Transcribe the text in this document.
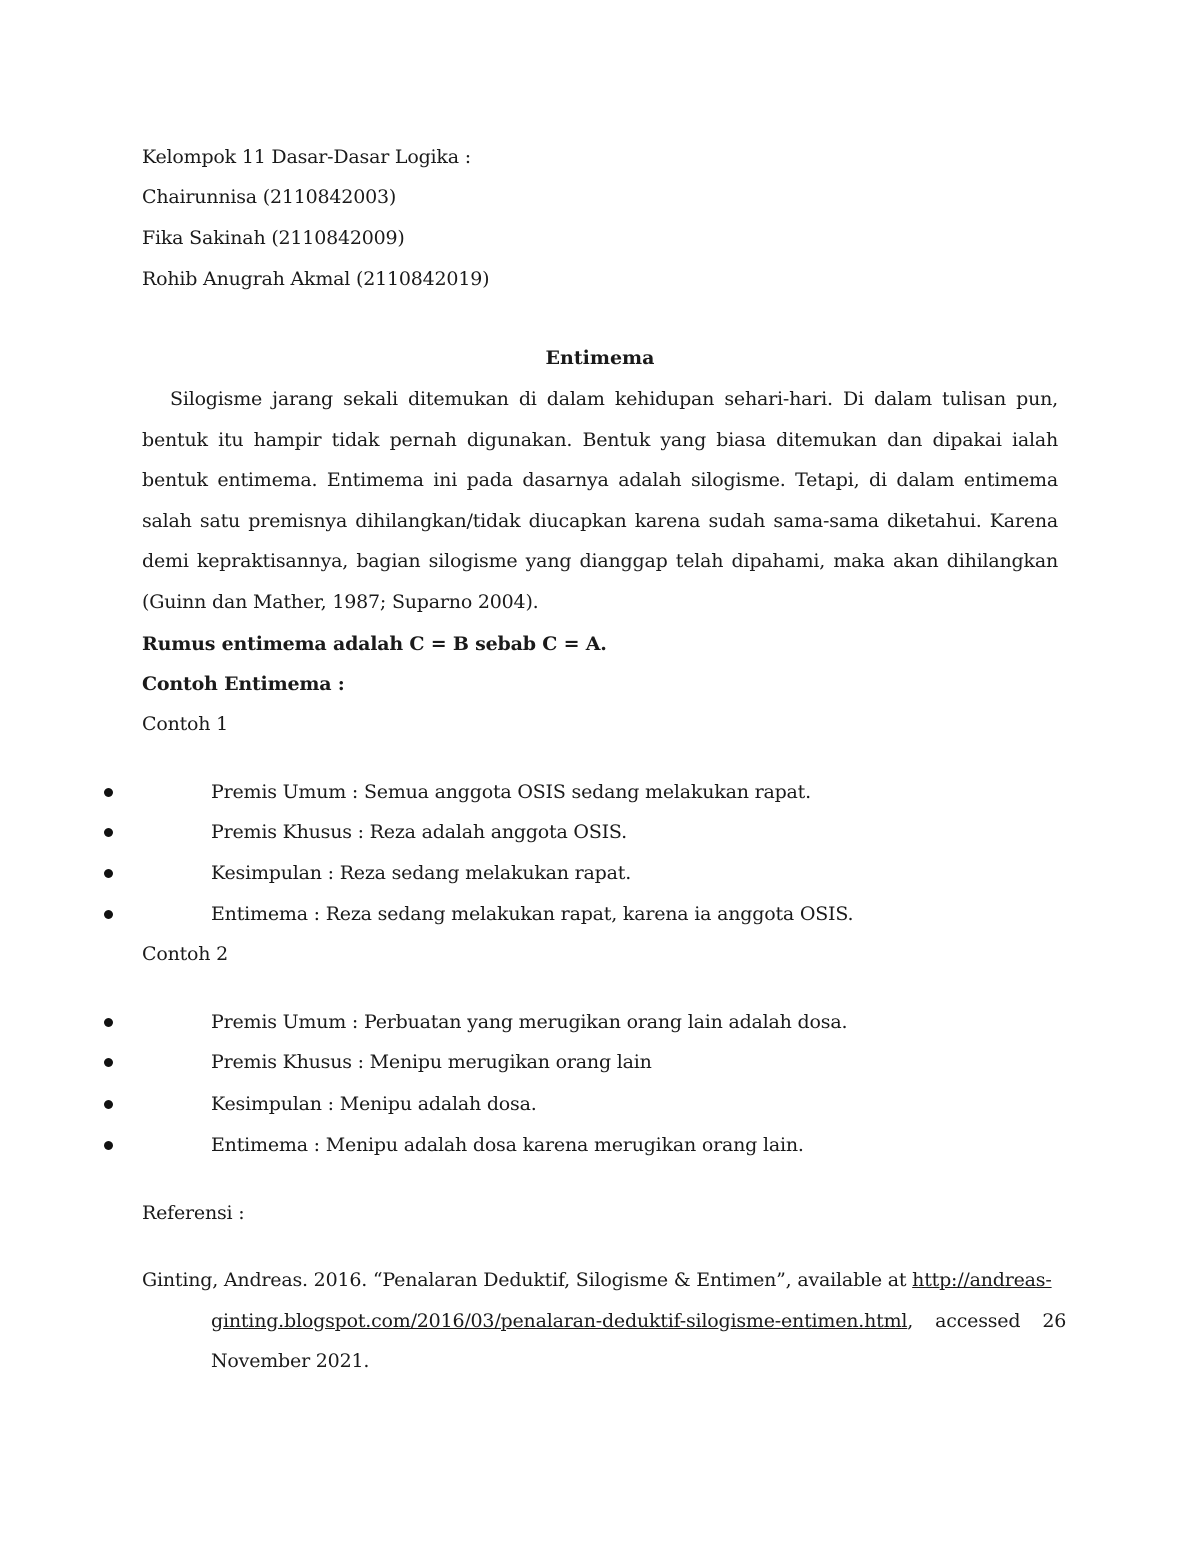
Kelompok 11 Dasar-Dasar Logika :
Chairunnisa (2110842003)
Fika Sakinah (2110842009)
Rohib Anugrah Akmal (2110842019)
Entimema
Silogisme jarang sekali ditemukan di dalam kehidupan sehari-hari. Di dalam tulisan pun, bentuk itu hampir tidak pernah digunakan. Bentuk yang biasa ditemukan dan dipakai ialah bentuk entimema. Entimema ini pada dasarnya adalah silogisme. Tetapi, di dalam entimema salah satu premisnya dihilangkan/tidak diucapkan karena sudah sama-sama diketahui. Karena demi kepraktisannya, bagian silogisme yang dianggap telah dipahami, maka akan dihilangkan (Guinn dan Mather, 1987; Suparno 2004).
Rumus entimema adalah C = B sebab C = A.
Contoh Entimema :
Contoh 1
Premis Umum : Semua anggota OSIS sedang melakukan rapat.
Premis Khusus : Reza adalah anggota OSIS.
Kesimpulan : Reza sedang melakukan rapat.
Entimema : Reza sedang melakukan rapat, karena ia anggota OSIS.
Contoh 2
Premis Umum : Perbuatan yang merugikan orang lain adalah dosa.
Premis Khusus : Menipu merugikan orang lain
Kesimpulan : Menipu adalah dosa.
Entimema : Menipu adalah dosa karena merugikan orang lain.
Referensi :
Ginting, Andreas. 2016. “Penalaran Deduktif, Silogisme & Entimen”, available at http://andreas-
ginting.blogspot.com/2016/03/penalaran-deduktif-silogisme-entimen.html, accessed 26
November 2021.
